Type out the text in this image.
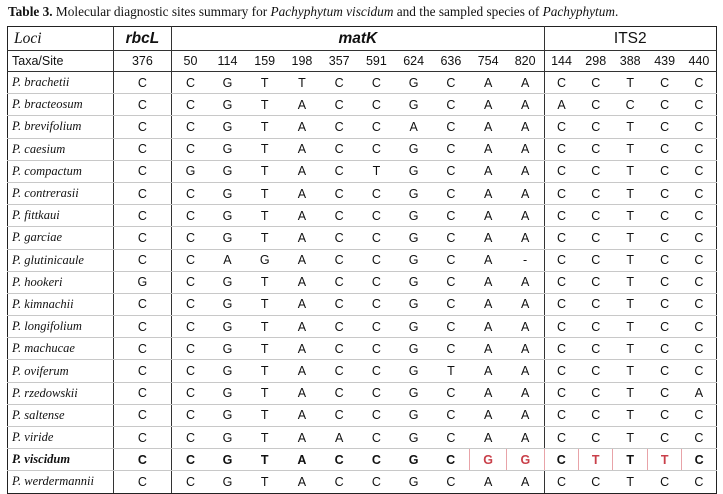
Table 3. Molecular diagnostic sites summary for Pachyphytum viscidum and the sampled species of Pachyphytum.
Loci	rbcL	matK										ITS2				
Taxa/Site	376	50	114	159	198	357	591	624	636	754	820	144	298	388	439	440
P. brachetii	C	C	G	T	T	C	C	G	C	A	A	C	C	T	C	C
P. bracteosum	C	C	G	T	A	C	C	G	C	A	A	A	C	C	C	C
P. brevifolium	C	C	G	T	A	C	C	A	C	A	A	C	C	T	C	C
P. caesium	C	C	G	T	A	C	C	G	C	A	A	C	C	T	C	C
P. compactum	C	G	G	T	A	C	T	G	C	A	A	C	C	T	C	C
P. contrerasii	C	C	G	T	A	C	C	G	C	A	A	C	C	T	C	C
P. fittkaui	C	C	G	T	A	C	C	G	C	A	A	C	C	T	C	C
P. garciae	C	C	G	T	A	C	C	G	C	A	A	C	C	T	C	C
P. glutinicaule	C	C	A	G	A	C	C	G	C	A	-	C	C	T	C	C
P. hookeri	G	C	G	T	A	C	C	G	C	A	A	C	C	T	C	C
P. kimnachii	C	C	G	T	A	C	C	G	C	A	A	C	C	T	C	C
P. longifolium	C	C	G	T	A	C	C	G	C	A	A	C	C	T	C	C
P. machucae	C	C	G	T	A	C	C	G	C	A	A	C	C	T	C	C
P. oviferum	C	C	G	T	A	C	C	G	T	A	A	C	C	T	C	C
P. rzedowskii	C	C	G	T	A	C	C	G	C	A	A	C	C	T	C	A
P. saltense	C	C	G	T	A	C	C	G	C	A	A	C	C	T	C	C
P. viride	C	C	G	T	A	A	C	G	C	A	A	C	C	T	C	C
P. viscidum	C	C	G	T	A	C	C	G	C	G	G	C	T	T	T	C
P. werdermannii	C	C	G	T	A	C	C	G	C	A	A	C	C	T	C	C
